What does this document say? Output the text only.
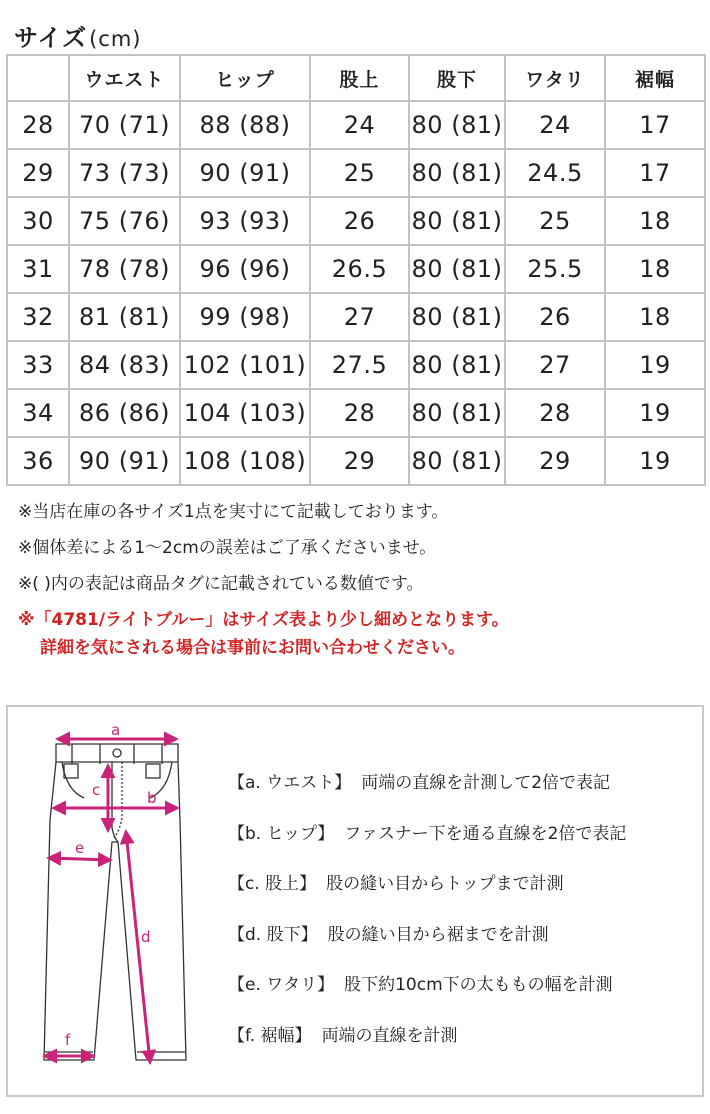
サイズ(cm)
	ウエスト	ヒップ	股上	股下	ワタリ	裾幅
28	70 (71)	88 (88)	24	80 (81)	24	17
29	73 (73)	90 (91)	25	80 (81)	24.5	17
30	75 (76)	93 (93)	26	80 (81)	25	18
31	78 (78)	96 (96)	26.5	80 (81)	25.5	18
32	81 (81)	99 (98)	27	80 (81)	26	18
33	84 (83)	102 (101)	27.5	80 (81)	27	19
34	86 (86)	104 (103)	28	80 (81)	28	19
36	90 (91)	108 (108)	29	80 (81)	29	19
※当店在庫の各サイズ1点を実寸にて記載しております。
※個体差による1〜2cmの誤差はご了承くださいませ。
※( )内の表記は商品タグに記載されている数値です。
※「4781/ライトブルー」はサイズ表より少し細めとなります。
詳細を気にされる場合は事前にお問い合わせください。
a
b
c
d
e
f
【a. ウエスト】 両端の直線を計測して2倍で表記
【b. ヒップ】 ファスナー下を通る直線を2倍で表記
【c. 股上】 股の縫い目からトップまで計測
【d. 股下】 股の縫い目から裾までを計測
【e. ワタリ】 股下約10cm下の太ももの幅を計測
【f. 裾幅】 両端の直線を計測
